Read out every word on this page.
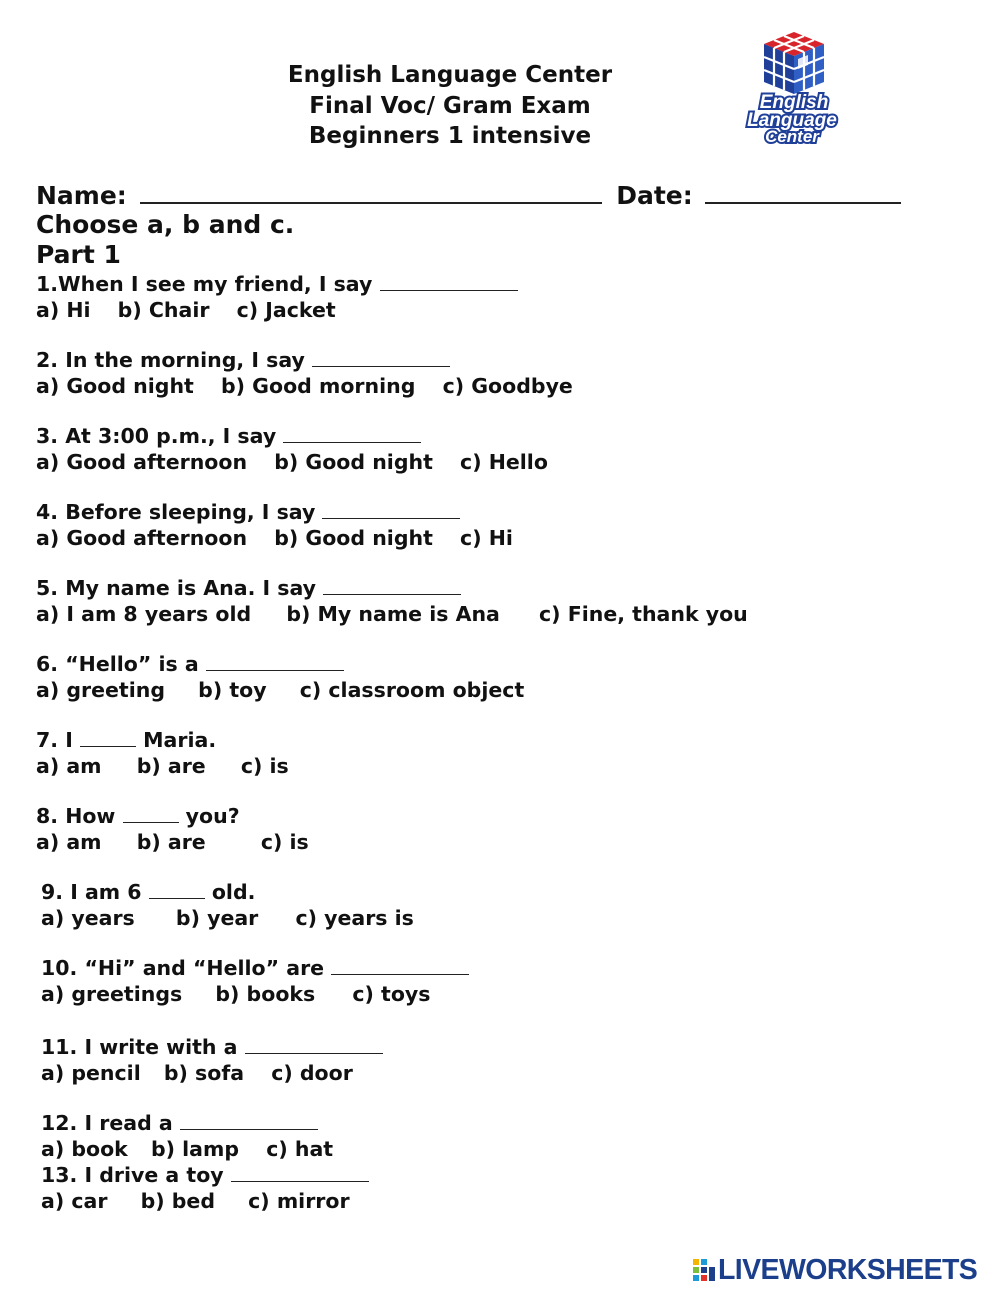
English Language Center
Final Voc/ Gram Exam
Beginners 1 intensive
English
Language
Center
Name:	Date:
Choose a, b and c.
Part 1
1.When I see my friend, I say
a) Hi b) Chair c) Jacket
2. In the morning, I say
a) Good night b) Good morning c) Goodbye
3. At 3:00 p.m., I say
a) Good afternoon b) Good night c) Hello
4. Before sleeping, I say
a) Good afternoon b) Good night c) Hi
5. My name is Ana. I say
a) I am 8 years old b) My name is Ana c) Fine, thank you
6. “Hello” is a
a) greeting b) toy c) classroom object
7. I	Maria.
a) am b) are c) is
8. How	you?
a) am b) are	c) is
9. I am 6	old.
a) years b) year c) years is
10. “Hi” and “Hello” are
a) greetings b) books c) toys
11. I write with a
a) pencil b) sofa c) door
12. I read a
a) book b) lamp c) hat
13. I drive a toy
a) car b) bed c) mirror
LIVEWORKSHEETS
